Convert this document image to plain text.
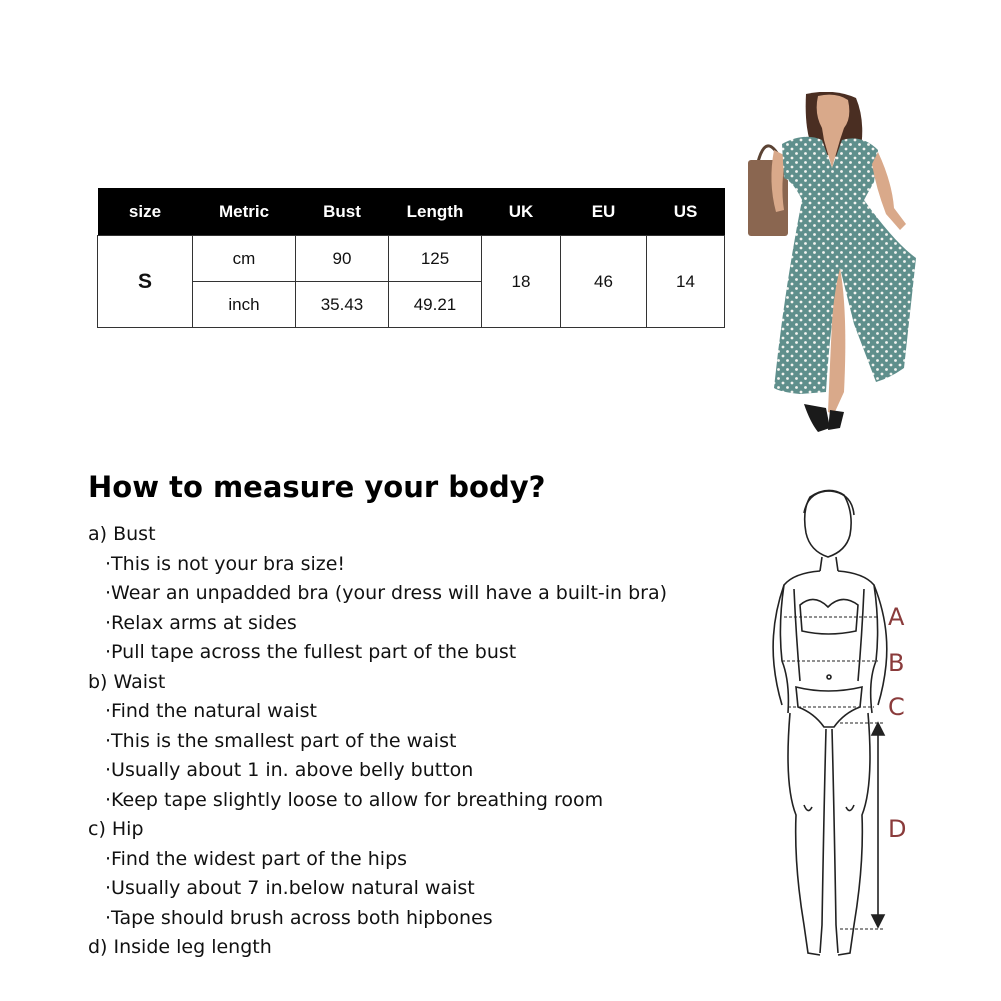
size	Metric	Bust	Length	UK	EU	US
S	cm	90	125	18	46	14
	inch	35.43	49.21			
How to measure your body?
a) Bust
·This is not your bra size!
·Wear an unpadded bra (your dress will have a built-in bra)
·Relax arms at sides
·Pull tape across the fullest part of the bust
b) Waist
·Find the natural waist
·This is the smallest part of the waist
·Usually about 1 in. above belly button
·Keep tape slightly loose to allow for breathing room
c) Hip
·Find the widest part of the hips
·Usually about 7 in.below natural waist
·Tape should brush across both hipbones
d) Inside leg length
A
B
C
D
